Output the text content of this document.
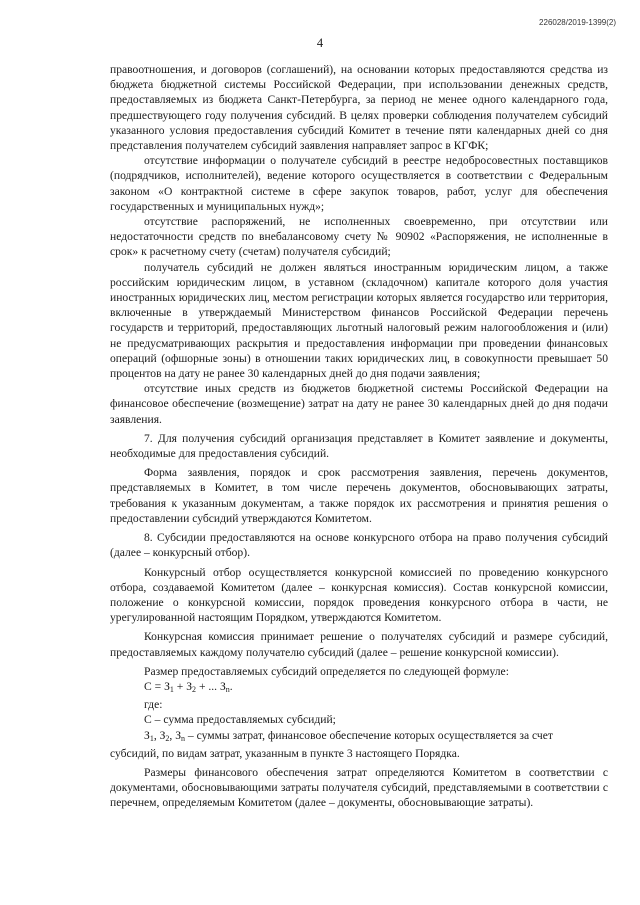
226028/2019-1399(2)
4

правоотношения, и договоров (соглашений), на основании которых предоставляются средства из бюджета бюджетной системы Российской Федерации, при использовании денежных средств, предоставляемых из бюджета Санкт-Петербурга, за период не менее одного календарного года, предшествующего году получения субсидий. В целях проверки соблюдения получателем субсидий указанного условия предоставления субсидий Комитет в течение пяти календарных дней со дня представления получателем субсидий заявления направляет запрос в КГФК;

отсутствие информации о получателе субсидий в реестре недобросовестных поставщиков (подрядчиков, исполнителей), ведение которого осуществляется в соответствии с Федеральным законом «О контрактной системе в сфере закупок товаров, работ, услуг для обеспечения государственных и муниципальных нужд»;

отсутствие распоряжений, не исполненных своевременно, при отсутствии или недостаточности средств по внебалансовому счету № 90902 «Распоряжения, не исполненные в срок» к расчетному счету (счетам) получателя субсидий;

получатель субсидий не должен являться иностранным юридическим лицом, а также российским юридическим лицом, в уставном (складочном) капитале которого доля участия иностранных юридических лиц, местом регистрации которых является государство или территория, включенные в утверждаемый Министерством финансов Российской Федерации перечень государств и территорий, предоставляющих льготный налоговый режим налогообложения и (или) не предусматривающих раскрытия и предоставления информации при проведении финансовых операций (офшорные зоны) в отношении таких юридических лиц, в совокупности превышает 50 процентов на дату не ранее 30 календарных дней до дня подачи заявления;

отсутствие иных средств из бюджетов бюджетной системы Российской Федерации на финансовое обеспечение (возмещение) затрат на дату не ранее 30 календарных дней до дня подачи заявления.

7. Для получения субсидий организация представляет в Комитет заявление и документы, необходимые для предоставления субсидий.

Форма заявления, порядок и срок рассмотрения заявления, перечень документов, представляемых в Комитет, в том числе перечень документов, обосновывающих затраты, требования к указанным документам, а также порядок их рассмотрения и принятия решения о предоставлении субсидий утверждаются Комитетом.

8. Субсидии предоставляются на основе конкурсного отбора на право получения субсидий (далее – конкурсный отбор).

Конкурсный отбор осуществляется конкурсной комиссией по проведению конкурсного отбора, создаваемой Комитетом (далее – конкурсная комиссия). Состав конкурсной комиссии, положение о конкурсной комиссии, порядок проведения конкурсного отбора в части, не урегулированной настоящим Порядком, утверждаются Комитетом.

Конкурсная комиссия принимает решение о получателях субсидий и размере субсидий, предоставляемых каждому получателю субсидий (далее – решение конкурсной комиссии).

Размер предоставляемых субсидий определяется по следующей формуле:

$С = З_1 + З_2$ + ... $З_n$.

где:

С – сумма предоставляемых субсидий;

$З_1$, $З_2$, $З_n$ – суммы затрат, финансовое обеспечение которых осуществляется за счет

субсидий, по видам затрат, указанным в пункте 3 настоящего Порядка.

Размеры финансового обеспечения затрат определяются Комитетом в соответствии с документами, обосновывающими затраты получателя субсидий, представляемыми в соответствии с перечнем, определяемым Комитетом (далее – документы, обосновывающие затраты).
